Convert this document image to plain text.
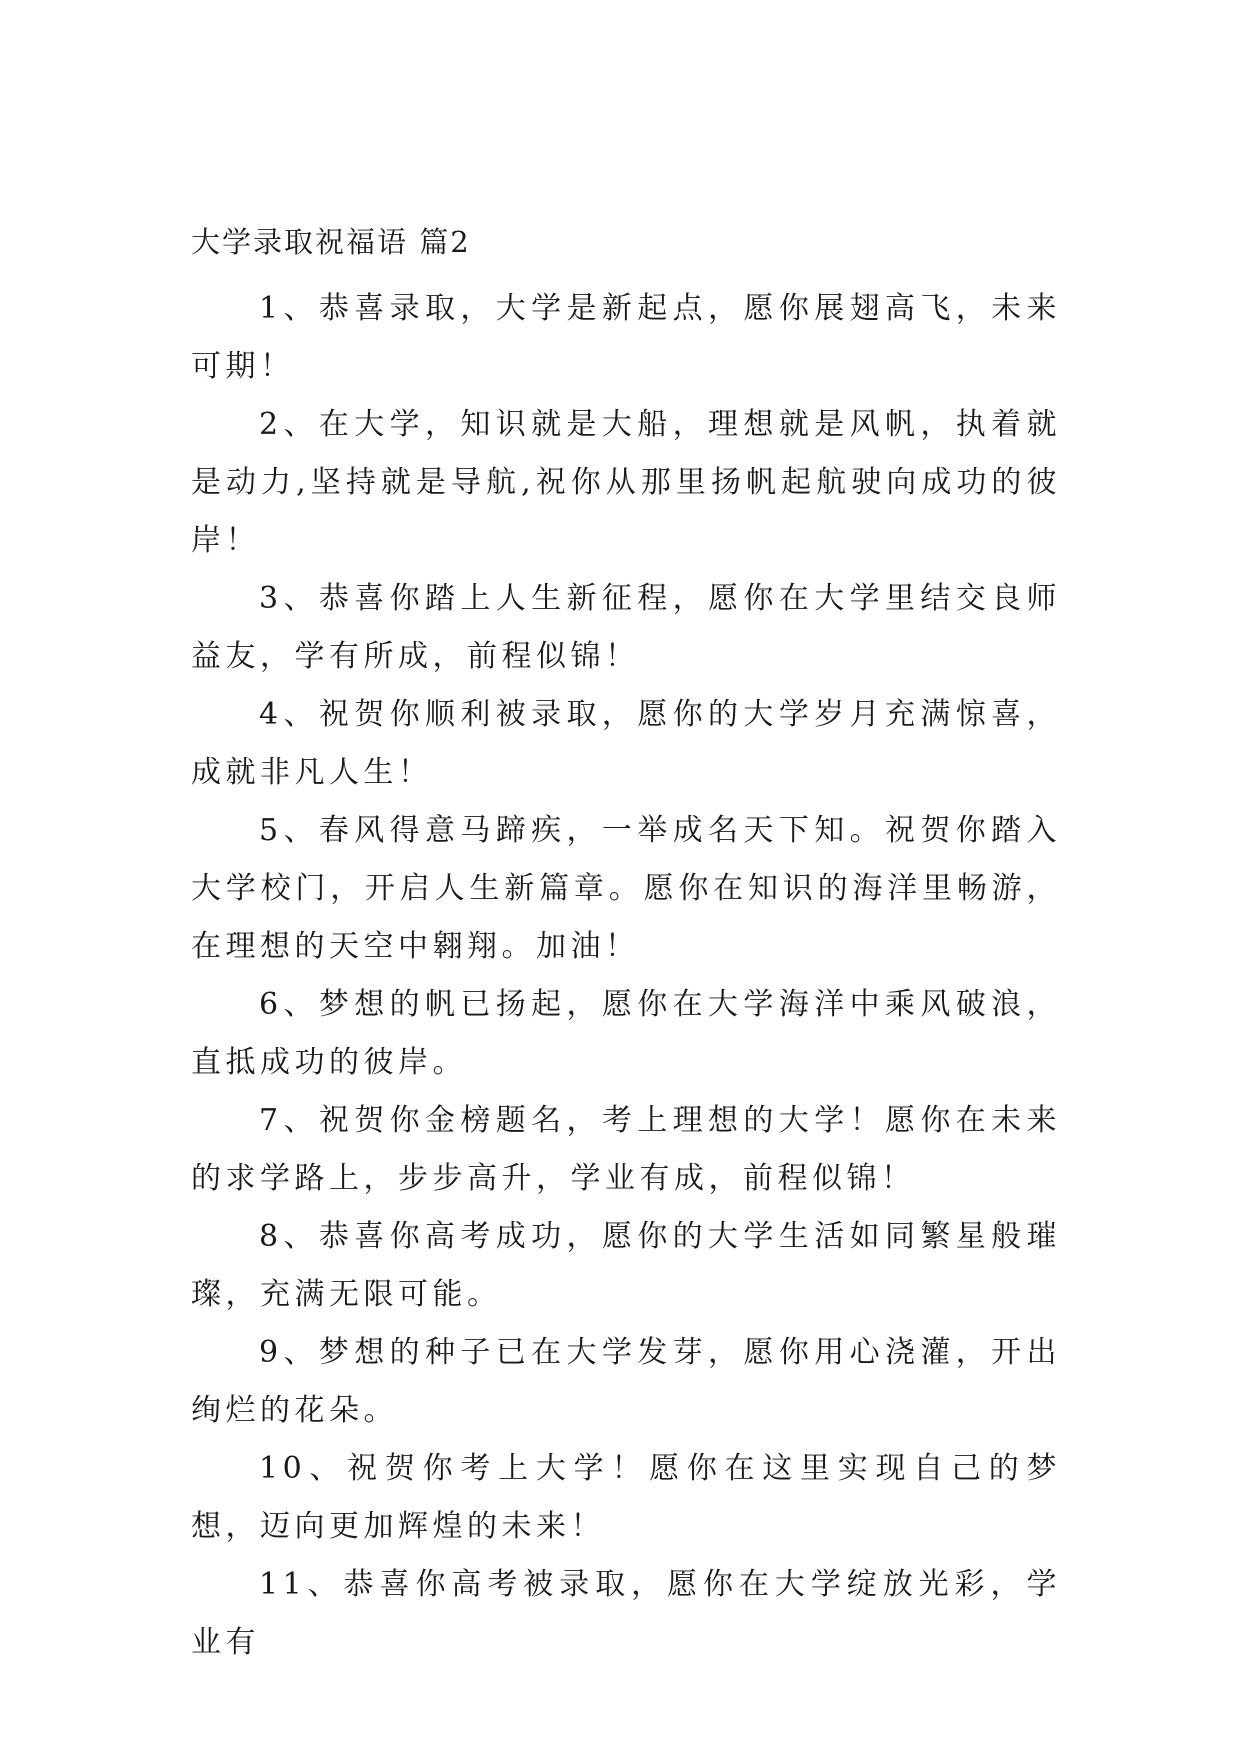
大学录取祝福语 篇2

1、恭喜录取，大学是新起点，愿你展翅高飞，未来可期！

2、在大学，知识就是大船，理想就是风帆，执着就是动力,坚持就是导航,祝你从那里扬帆起航驶向成功的彼岸！

3、恭喜你踏上人生新征程，愿你在大学里结交良师益友，学有所成，前程似锦！

4、祝贺你顺利被录取，愿你的大学岁月充满惊喜，成就非凡人生！

5、春风得意马蹄疾，一举成名天下知。祝贺你踏入大学校门，开启人生新篇章。愿你在知识的海洋里畅游，在理想的天空中翱翔。加油！

6、梦想的帆已扬起，愿你在大学海洋中乘风破浪，直抵成功的彼岸。

7、祝贺你金榜题名，考上理想的大学！愿你在未来的求学路上，步步高升，学业有成，前程似锦！

8、恭喜你高考成功，愿你的大学生活如同繁星般璀璨，充满无限可能。

9、梦想的种子已在大学发芽，愿你用心浇灌，开出绚烂的花朵。

10、祝贺你考上大学！愿你在这里实现自己的梦想，迈向更加辉煌的未来！

11、恭喜你高考被录取，愿你在大学绽放光彩，学业有
